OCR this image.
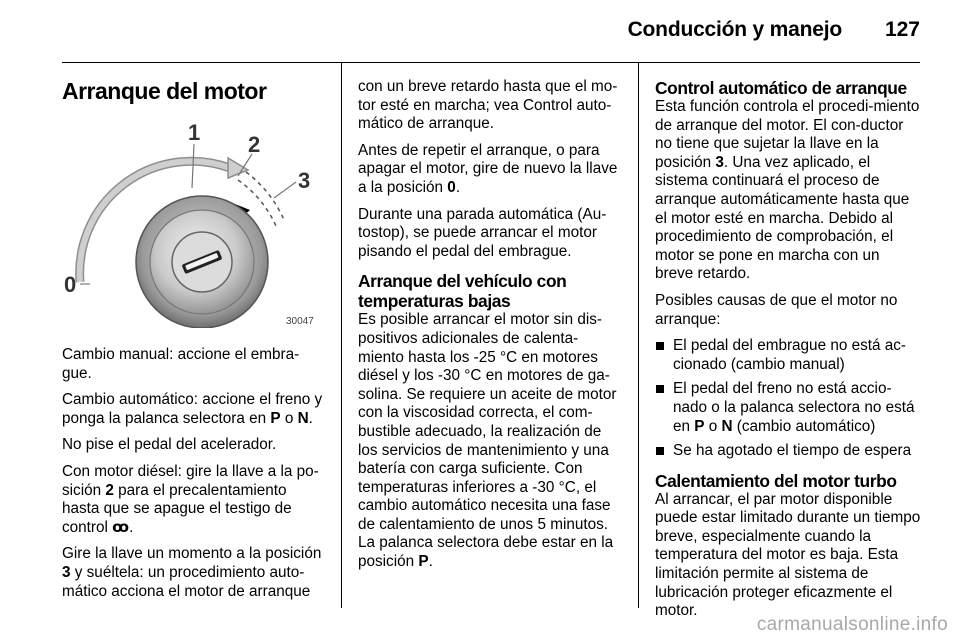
Conducción y manejo 127
Arranque del motor
1 2
3
0
30047

Cambio manual: accione el embra-gue.

Cambio automático: accione el freno y ponga la palanca selectora en P o N.

No pise el pedal del acelerador.

Con motor diésel: gire la llave a la po-sición 2 para el precalentamiento hasta que se apague el testigo de control ꝏ.

Gire la llave un momento a la posición 3 y suéltela: un procedimiento auto-mático acciona el motor de arranque

con un breve retardo hasta que el mo-tor esté en marcha; vea Control auto-mático de arranque.

Antes de repetir el arranque, o para apagar el motor, gire de nuevo la llave a la posición 0.

Durante una parada automática (Au-tostop), se puede arrancar el motor pisando el pedal del embrague.

Arranque del vehículo con temperaturas bajas

Es posible arrancar el motor sin dis-positivos adicionales de calenta-miento hasta los -25 °C en motores diésel y los -30 °C en motores de ga-solina. Se requiere un aceite de motor con la viscosidad correcta, el com-bustible adecuado, la realización de los servicios de mantenimiento y una batería con carga suficiente. Con temperaturas inferiores a -30 °C, el cambio automático necesita una fase de calentamiento de unos 5 minutos. La palanca selectora debe estar en la posición P.

Control automático de arranque

Esta función controla el procedi-miento de arranque del motor. El con-ductor no tiene que sujetar la llave en la posición 3. Una vez aplicado, el sistema continuará el proceso de arranque automáticamente hasta que el motor esté en marcha. Debido al procedimiento de comprobación, el motor se pone en marcha con un breve retardo.

Posibles causas de que el motor no arranque:

El pedal del embrague no está ac-cionado (cambio manual)
El pedal del freno no está accio-nado o la palanca selectora no está en P o N (cambio automático)
Se ha agotado el tiempo de espera
Calentamiento del motor turbo

Al arrancar, el par motor disponible puede estar limitado durante un tiempo breve, especialmente cuando la temperatura del motor es baja. Esta limitación permite al sistema de lubricación proteger eficazmente el motor.

carmanualsonline.info
